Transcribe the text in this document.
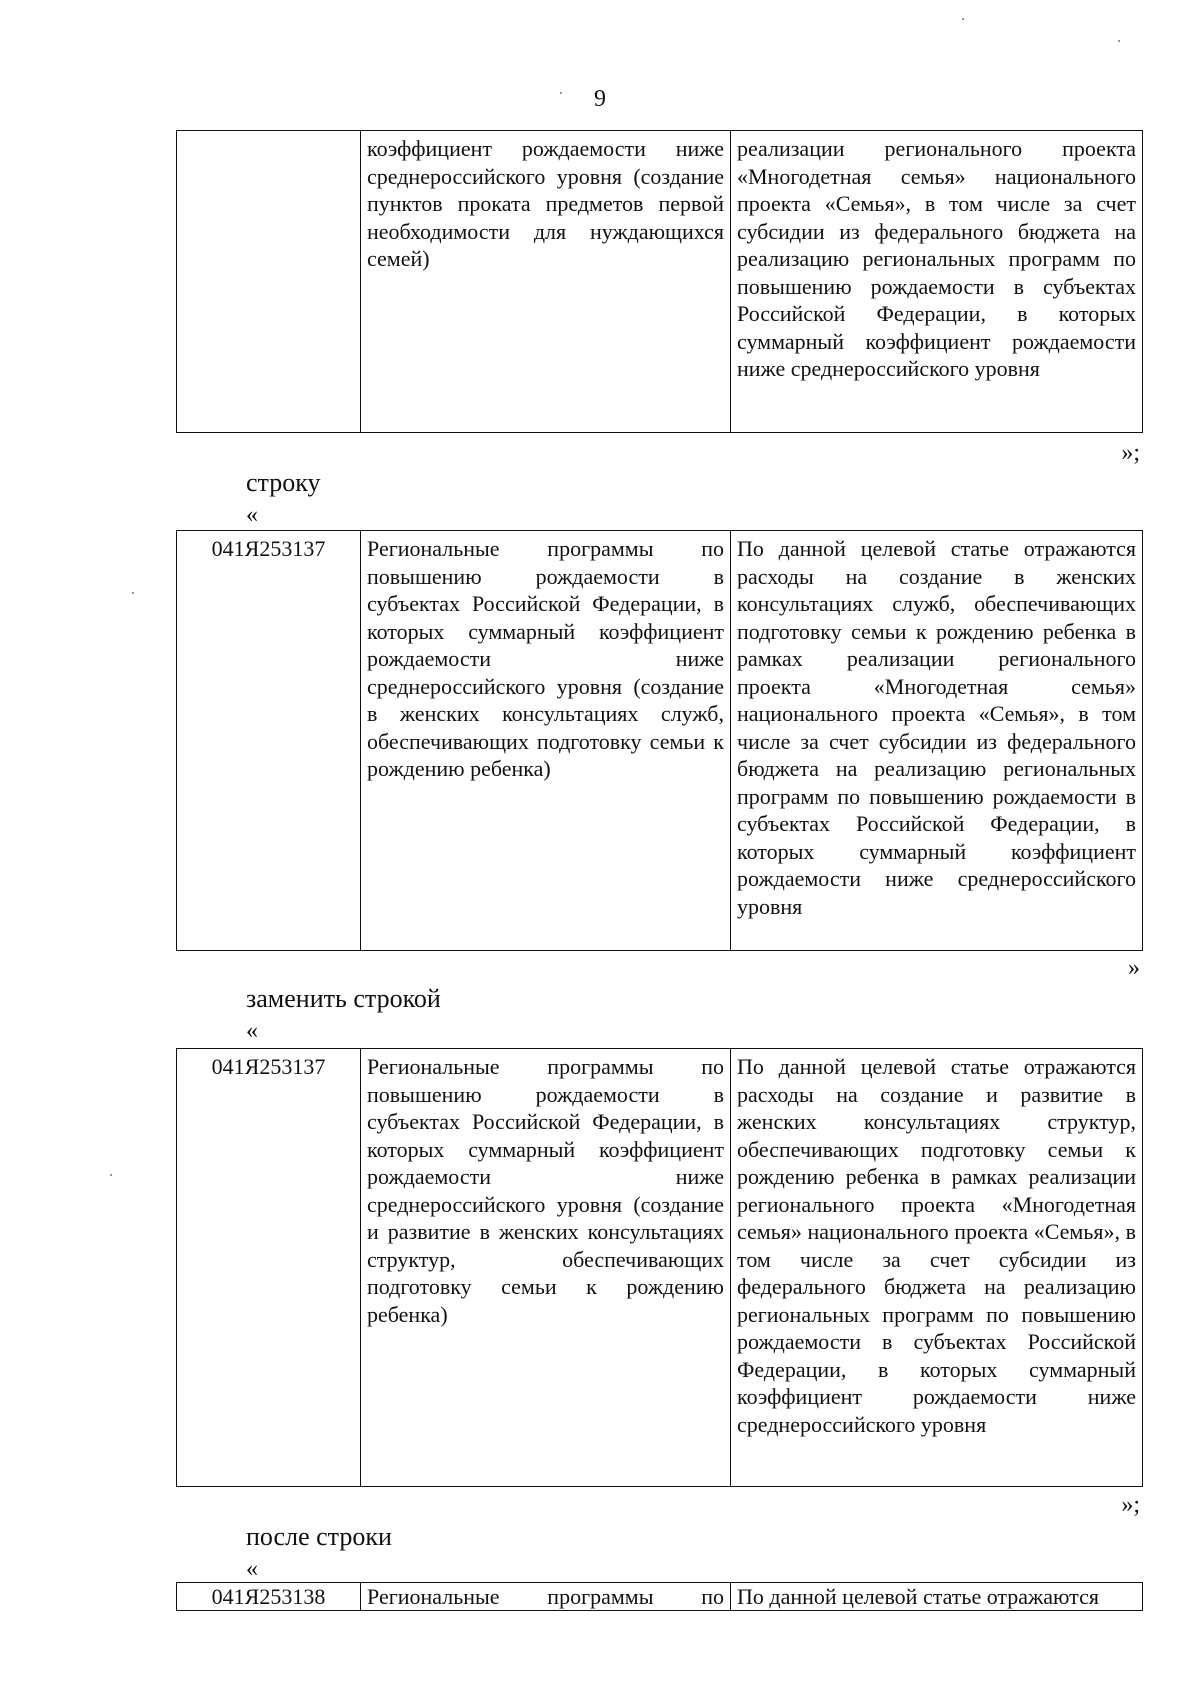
9
	коэффициент рождаемости ниже среднероссийского уровня (создание пунктов проката предметов первой необходимости для нуждающихся семей)	реализации регионального проекта «Многодетная семья» национального проекта «Семья», в том числе за счет субсидии из федерального бюджета на реализацию региональных программ по повышению рождаемости в субъектах Российской Федерации, в которых суммарный коэффициент рождаемости ниже среднероссийского уровня
»;
строку
«
041Я253137	Региональные программы по повышению рождаемости в субъектах Российской Федерации, в которых суммарный коэффициент рождаемости ниже среднероссийского уровня (создание в женских консультациях служб, обеспечивающих подготовку семьи к рождению ребенка)	По данной целевой статье отражаются расходы на создание в женских консультациях служб, обеспечивающих подготовку семьи к рождению ребенка в рамках реализации регионального проекта «Многодетная семья» национального проекта «Семья», в том числе за счет субсидии из федерального бюджета на реализацию региональных программ по повышению рождаемости в субъектах Российской Федерации, в которых суммарный коэффициент рождаемости ниже среднероссийского уровня
»
заменить строкой
«
041Я253137	Региональные программы по повышению рождаемости в субъектах Российской Федерации, в которых суммарный коэффициент рождаемости ниже среднероссийского уровня (создание и развитие в женских консультациях структур, обеспечивающих подготовку семьи к рождению ребенка)	По данной целевой статье отражаются расходы на создание и развитие в женских консультациях структур, обеспечивающих подготовку семьи к рождению ребенка в рамках реализации регионального проекта «Многодетная семья» национального проекта «Семья», в том числе за счет субсидии из федерального бюджета на реализацию региональных программ по повышению рождаемости в субъектах Российской Федерации, в которых суммарный коэффициент рождаемости ниже среднероссийского уровня
»;
после строки
«
041Я253138	Региональные программы по	По данной целевой статье отражаются
